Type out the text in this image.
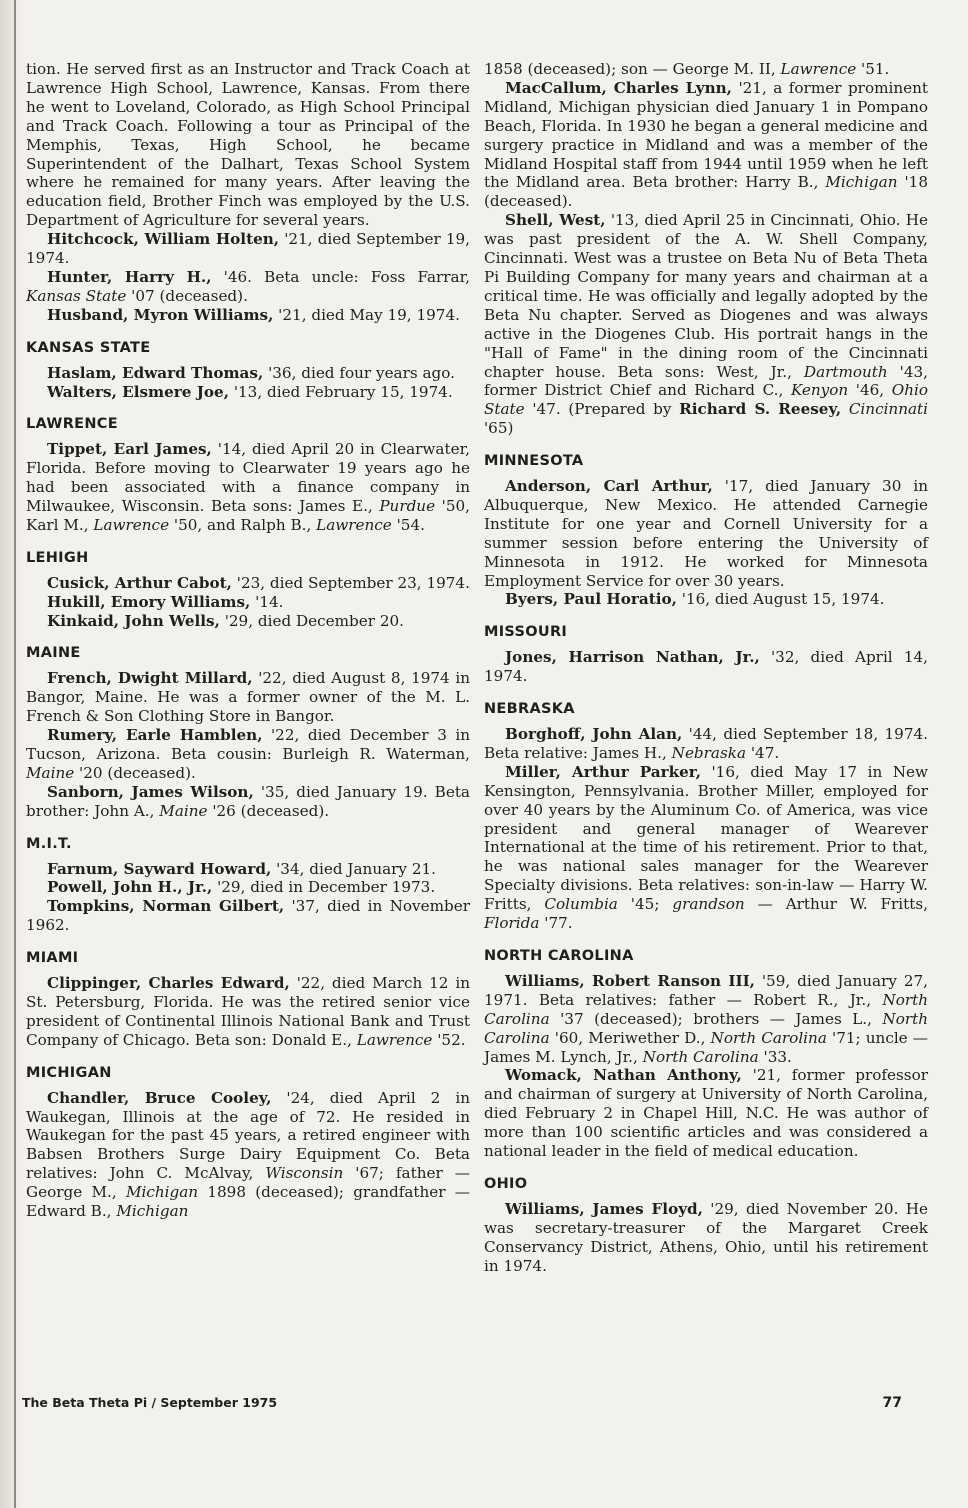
tion. He served first as an Instructor and Track Coach at Lawrence High School, Lawrence, Kansas. From there he went to Loveland, Colorado, as High School Principal and Track Coach. Following a tour as Principal of the Memphis, Texas, High School, he became Superintendent of the Dalhart, Texas School System where he remained for many years. After leaving the education field, Brother Finch was employed by the U.S. Department of Agriculture for several years.

Hitchcock, William Holten, '21, died September 19, 1974.

Hunter, Harry H., '46. Beta uncle: Foss Farrar, Kansas State '07 (deceased).

Husband, Myron Williams, '21, died May 19, 1974.

KANSAS STATE

Haslam, Edward Thomas, '36, died four years ago.

Walters, Elsmere Joe, '13, died February 15, 1974.

LAWRENCE

Tippet, Earl James, '14, died April 20 in Clearwater, Florida. Before moving to Clearwater 19 years ago he had been associated with a finance company in Milwaukee, Wisconsin. Beta sons: James E., Purdue '50, Karl M., Lawrence '50, and Ralph B., Lawrence '54.

LEHIGH

Cusick, Arthur Cabot, '23, died September 23, 1974.

Hukill, Emory Williams, '14.

Kinkaid, John Wells, '29, died December 20.

MAINE

French, Dwight Millard, '22, died August 8, 1974 in Bangor, Maine. He was a former owner of the M. L. French & Son Clothing Store in Bangor.

Rumery, Earle Hamblen, '22, died December 3 in Tucson, Arizona. Beta cousin: Burleigh R. Waterman, Maine '20 (deceased).

Sanborn, James Wilson, '35, died January 19. Beta brother: John A., Maine '26 (deceased).

M.I.T.

Farnum, Sayward Howard, '34, died January 21.

Powell, John H., Jr., '29, died in December 1973.

Tompkins, Norman Gilbert, '37, died in November 1962.

MIAMI

Clippinger, Charles Edward, '22, died March 12 in St. Petersburg, Florida. He was the retired senior vice president of Continental Illinois National Bank and Trust Company of Chicago. Beta son: Donald E., Lawrence '52.

MICHIGAN

Chandler, Bruce Cooley, '24, died April 2 in Waukegan, Illinois at the age of 72. He resided in Waukegan for the past 45 years, a retired engineer with Babsen Brothers Surge Dairy Equipment Co. Beta relatives: John C. McAlvay, Wisconsin '67; father — George M., Michigan 1898 (deceased); grandfather — Edward B., Michigan

1858 (deceased); son — George M. II, Lawrence '51.

MacCallum, Charles Lynn, '21, a former prominent Midland, Michigan physician died January 1 in Pompano Beach, Florida. In 1930 he began a general medicine and surgery practice in Midland and was a member of the Midland Hospital staff from 1944 until 1959 when he left the Midland area. Beta brother: Harry B., Michigan '18 (deceased).

Shell, West, '13, died April 25 in Cincinnati, Ohio. He was past president of the A. W. Shell Company, Cincinnati. West was a trustee on Beta Nu of Beta Theta Pi Building Company for many years and chairman at a critical time. He was officially and legally adopted by the Beta Nu chapter. Served as Diogenes and was always active in the Diogenes Club. His portrait hangs in the "Hall of Fame" in the dining room of the Cincinnati chapter house. Beta sons: West, Jr., Dartmouth '43, former District Chief and Richard C., Kenyon '46, Ohio State '47. (Prepared by Richard S. Reesey, Cincinnati '65)

MINNESOTA

Anderson, Carl Arthur, '17, died January 30 in Albuquerque, New Mexico. He attended Carnegie Institute for one year and Cornell University for a summer session before entering the University of Minnesota in 1912. He worked for Minnesota Employment Service for over 30 years.

Byers, Paul Horatio, '16, died August 15, 1974.

MISSOURI

Jones, Harrison Nathan, Jr., '32, died April 14, 1974.

NEBRASKA

Borghoff, John Alan, '44, died September 18, 1974. Beta relative: James H., Nebraska '47.

Miller, Arthur Parker, '16, died May 17 in New Kensington, Pennsylvania. Brother Miller, employed for over 40 years by the Aluminum Co. of America, was vice president and general manager of Wearever International at the time of his retirement. Prior to that, he was national sales manager for the Wearever Specialty divisions. Beta relatives: son-in-law — Harry W. Fritts, Columbia '45; grandson — Arthur W. Fritts, Florida '77.

NORTH CAROLINA

Williams, Robert Ranson III, '59, died January 27, 1971. Beta relatives: father — Robert R., Jr., North Carolina '37 (deceased); brothers — James L., North Carolina '60, Meriwether D., North Carolina '71; uncle — James M. Lynch, Jr., North Carolina '33.

Womack, Nathan Anthony, '21, former professor and chairman of surgery at University of North Carolina, died February 2 in Chapel Hill, N.C. He was author of more than 100 scientific articles and was considered a national leader in the field of medical education.

OHIO

Williams, James Floyd, '29, died November 20. He was secretary-treasurer of the Margaret Creek Conservancy District, Athens, Ohio, until his retirement in 1974.

The Beta Theta Pi / September 1975	77
